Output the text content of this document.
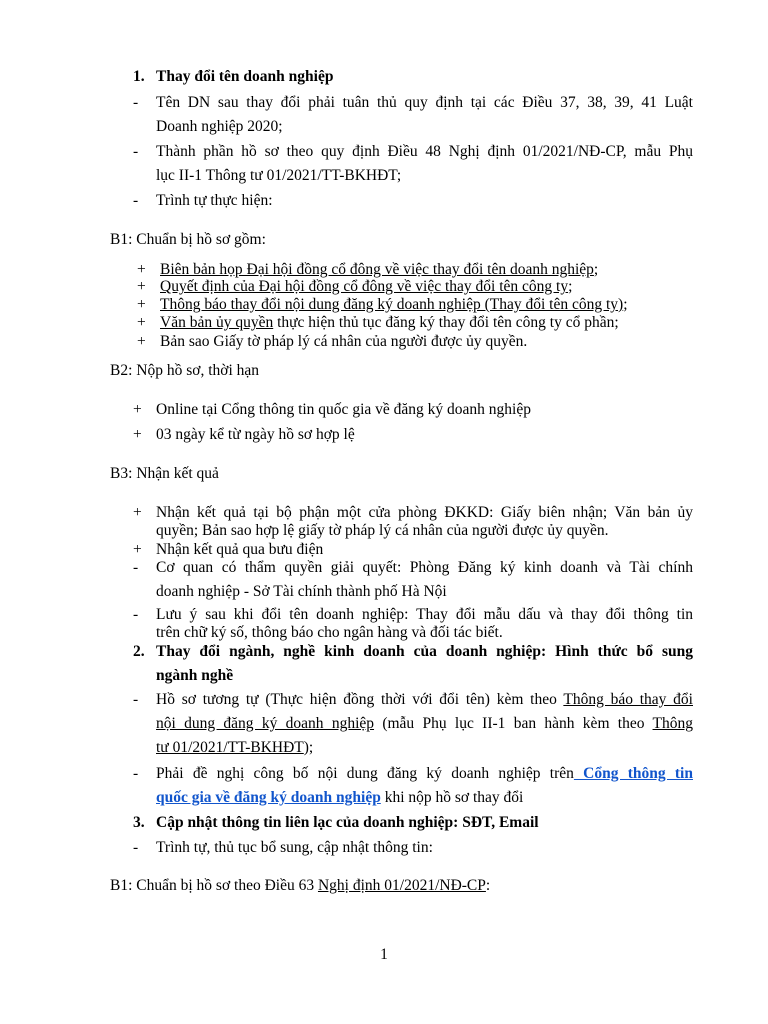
1. Thay đổi tên doanh nghiệp
- Tên DN sau thay đổi phải tuân thủ quy định tại các Điều 37, 38, 39, 41 Luật
Doanh nghiệp 2020;
- Thành phần hồ sơ theo quy định Điều 48 Nghị định 01/2021/NĐ-CP, mẫu Phụ
lục II-1 Thông tư 01/2021/TT-BKHĐT;
- Trình tự thực hiện:
B1: Chuẩn bị hồ sơ gồm:
+ Biên bản họp Đại hội đồng cổ đông về việc thay đổi tên doanh nghiệp;
+ Quyết định của Đại hội đồng cổ đông về việc thay đổi tên công ty;
+ Thông báo thay đổi nội dung đăng ký doanh nghiệp (Thay đổi tên công ty);
+ Văn bản ủy quyền thực hiện thủ tục đăng ký thay đổi tên công ty cổ phần;
+ Bản sao Giấy tờ pháp lý cá nhân của người được ủy quyền.
B2: Nộp hồ sơ, thời hạn
+ Online tại Cổng thông tin quốc gia về đăng ký doanh nghiệp
+ 03 ngày kể từ ngày hồ sơ hợp lệ
B3: Nhận kết quả
+ Nhận kết quả tại bộ phận một cửa phòng ĐKKD: Giấy biên nhận; Văn bản ủy
quyền; Bản sao hợp lệ giấy tờ pháp lý cá nhân của người được ủy quyền.
+ Nhận kết quả qua bưu điện
- Cơ quan có thẩm quyền giải quyết: Phòng Đăng ký kinh doanh và Tài chính
doanh nghiệp - Sở Tài chính thành phố Hà Nội
- Lưu ý sau khi đổi tên doanh nghiệp: Thay đổi mẫu dấu và thay đổi thông tin
trên chữ ký số, thông báo cho ngân hàng và đối tác biết.
2. Thay đổi ngành, nghề kinh doanh của doanh nghiệp: Hình thức bổ sung
ngành nghề
- Hồ sơ tương tự (Thực hiện đồng thời với đổi tên) kèm theo Thông báo thay đổi
nội dung đăng ký doanh nghiệp (mẫu Phụ lục II-1 ban hành kèm theo Thông
tư 01/2021/TT-BKHĐT);
- Phải đề nghị công bố nội dung đăng ký doanh nghiệp trên Cổng thông tin
quốc gia về đăng ký doanh nghiệp khi nộp hồ sơ thay đổi
3. Cập nhật thông tin liên lạc của doanh nghiệp: SĐT, Email
- Trình tự, thủ tục bổ sung, cập nhật thông tin:
B1: Chuẩn bị hồ sơ theo Điều 63 Nghị định 01/2021/NĐ-CP:
1
